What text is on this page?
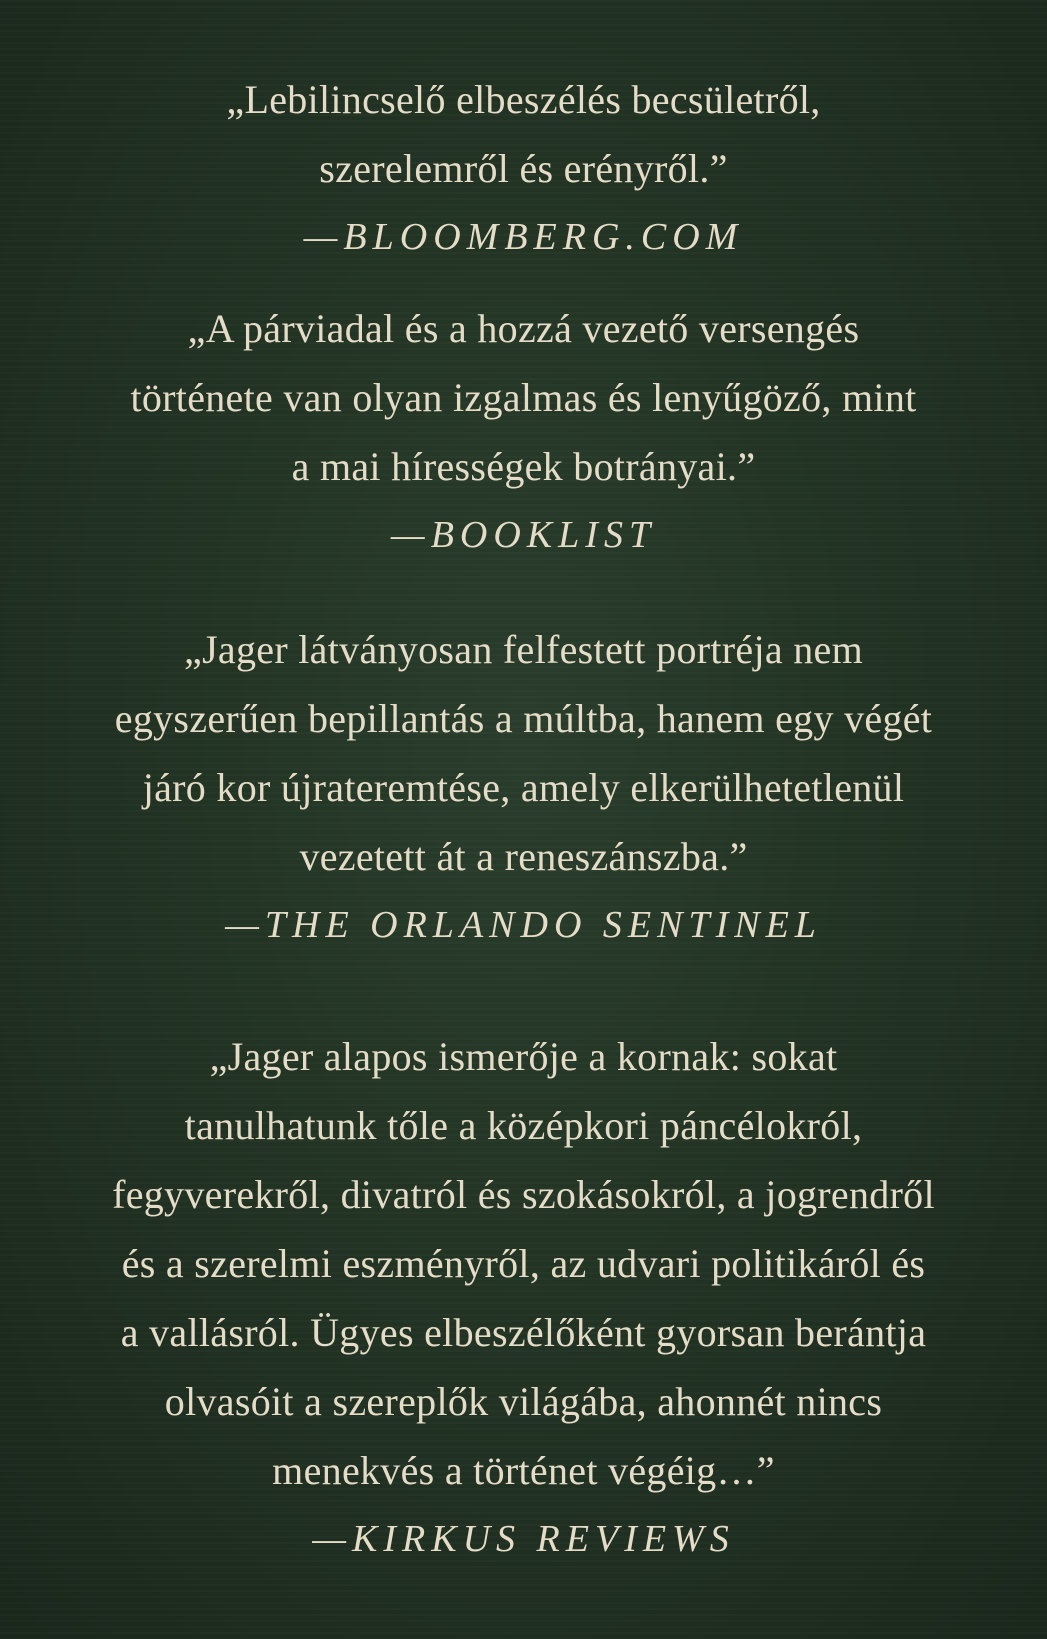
„Lebilincselő elbeszélés becsületről,
szerelemről és erényről.”
—BLOOMBERG.COM
„A párviadal és a hozzá vezető versengés
története van olyan izgalmas és lenyűgöző, mint
a mai hírességek botrányai.”
—BOOKLIST
„Jager látványosan felfestett portréja nem
egyszerűen bepillantás a múltba, hanem egy végét
járó kor újrateremtése, amely elkerülhetetlenül
vezetett át a reneszánszba.”
—THE ORLANDO SENTINEL
„Jager alapos ismerője a kornak: sokat
tanulhatunk tőle a középkori páncélokról,
fegyverekről, divatról és szokásokról, a jogrendről
és a szerelmi eszményről, az udvari politikáról és
a vallásról. Ügyes elbeszélőként gyorsan berántja
olvasóit a szereplők világába, ahonnét nincs
menekvés a történet végéig…”
—KIRKUS REVIEWS
